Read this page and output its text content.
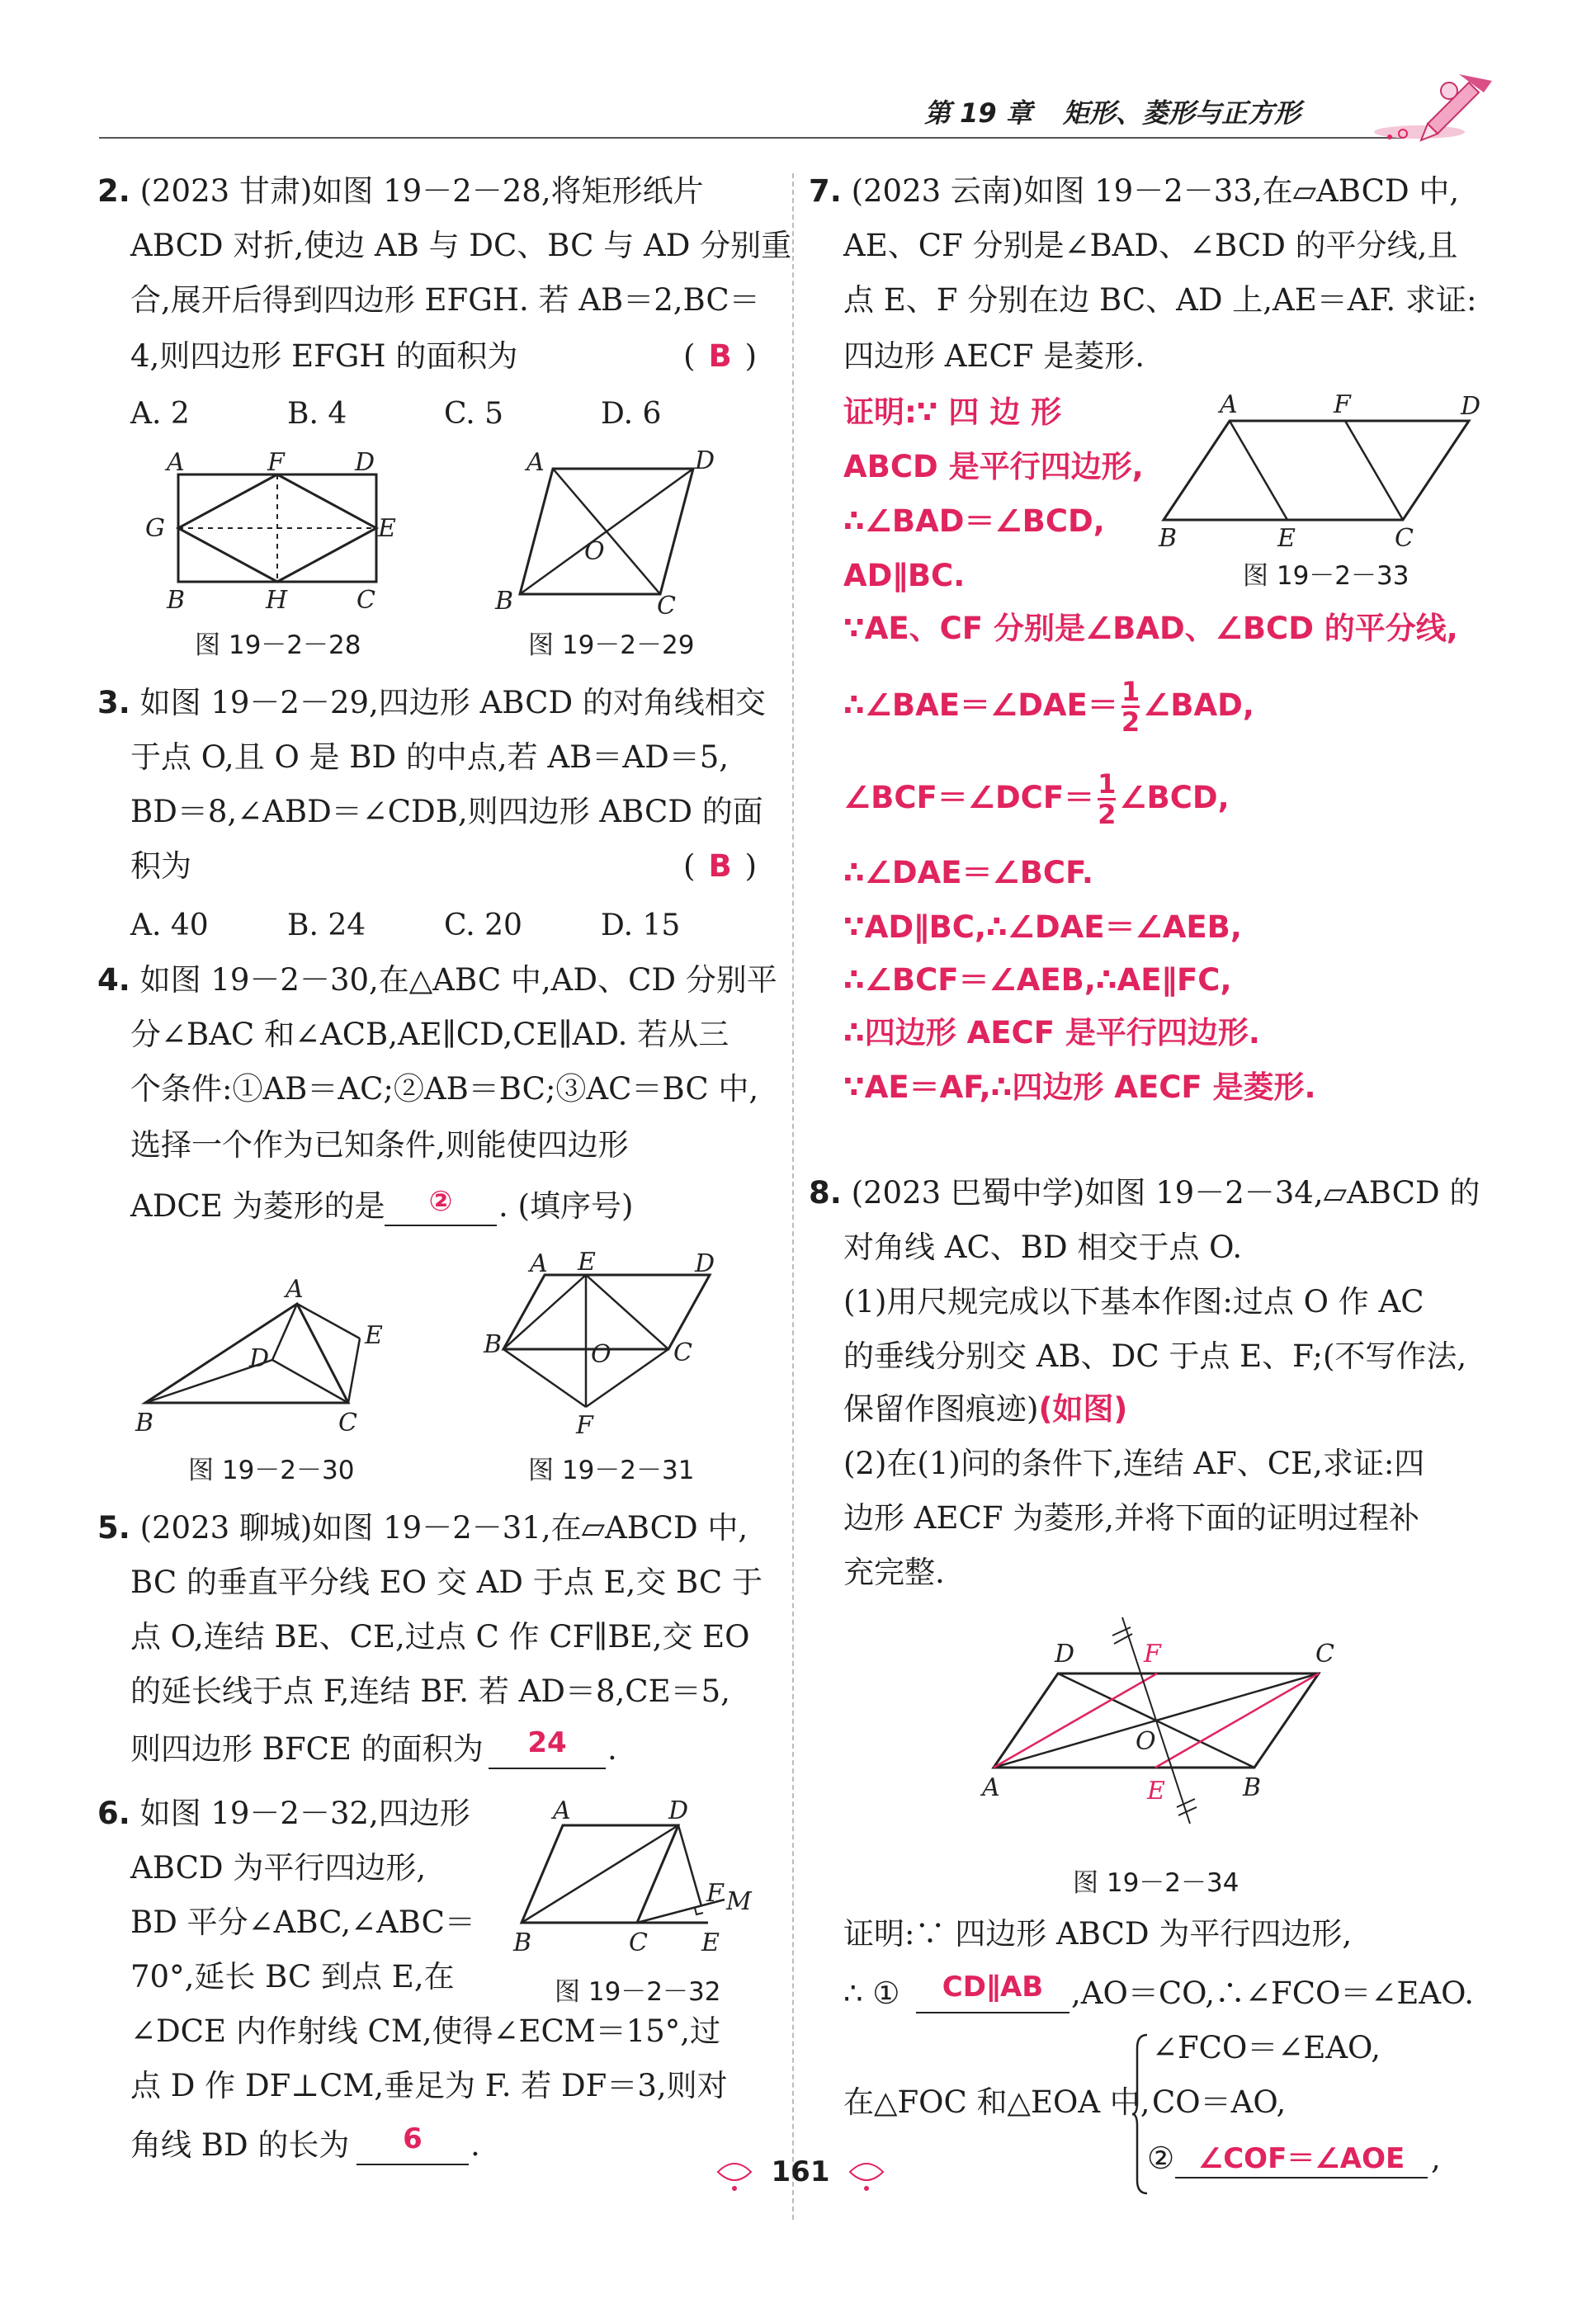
第 19 章 矩形、菱形与正方形
2. (2023 甘肃)如图 19－2－28,将矩形纸片
ABCD 对折,使边 AB 与 DC、BC 与 AD 分别重
合,展开后得到四边形 EFGH. 若 AB＝2,BC＝
4,则四边形 EFGH 的面积为	( B )
A. 2	B. 4	C. 5	D. 6
A	F	D
G	E
B	H	C
图 19－2－28
A	D
O
B	C
图 19－2－29
3. 如图 19－2－29,四边形 ABCD 的对角线相交
于点 O,且 O 是 BD 的中点,若 AB＝AD＝5,
BD＝8,∠ABD＝∠CDB,则四边形 ABCD 的面
积为	( B )
A. 40	B. 24	C. 20	D. 15
4. 如图 19－2－30,在△ABC 中,AD、CD 分别平
分∠BAC 和∠ACB,AE∥CD,CE∥AD. 若从三
个条件:①AB＝AC;②AB＝BC;③AC＝BC 中,
选择一个作为已知条件,则能使四边形
ADCE 为菱形的是	②	. (填序号)
A
D
E
B	C
图 19－2－30
A E	D
B	O	C
F
图 19－2－31
5. (2023 聊城)如图 19－2－31,在▱ABCD 中,
BC 的垂直平分线 EO 交 AD 于点 E,交 BC 于
点 O,连结 BE、CE,过点 C 作 CF∥BE,交 EO
的延长线于点 F,连结 BF. 若 AD＝8,CE＝5,
则四边形 BFCE 的面积为	24	.
6. 如图 19－2－32,四边形
ABCD 为平行四边形,
BD 平分∠ABC,∠ABC＝
70°,延长 BC 到点 E,在
∠DCE 内作射线 CM,使得∠ECM＝15°,过
点 D 作 DF⊥CM,垂足为 F. 若 DF＝3,则对
角线 BD 的长为	6	.
A	D
F M
B	C E
图 19－2－32
7. (2023 云南)如图 19－2－33,在▱ABCD 中,
AE、CF 分别是∠BAD、∠BCD 的平分线,且
点 E、F 分别在边 BC、AD 上,AE＝AF. 求证:
四边形 AECF 是菱形.
证明:∵ 四 边 形
ABCD 是平行四边形,
∴∠BAD＝∠BCD,
AD∥BC.
∵AE、CF 分别是∠BAD、∠BCD 的平分线,
∴∠BAE＝∠DAE＝ $\frac{1}{2}$ ∠BAD,
∠BCF＝∠DCF＝ $\frac{1}{2}$ ∠BCD,
∴∠DAE＝∠BCF.
∵AD∥BC,∴∠DAE＝∠AEB,
∴∠BCF＝∠AEB,∴AE∥FC,
∴四边形 AECF 是平行四边形.
∵AE＝AF,∴四边形 AECF 是菱形.
A	F	D
B	E	C
图 19－2－33
8. (2023 巴蜀中学)如图 19－2－34,▱ABCD 的
对角线 AC、BD 相交于点 O.
(1)用尺规完成以下基本作图:过点 O 作 AC
的垂线分别交 AB、DC 于点 E、F;(不写作法,
保留作图痕迹)(如图)
(2)在(1)问的条件下,连结 AF、CE,求证:四
边形 AECF 为菱形,并将下面的证明过程补
充完整.
D	F	C
O
A	E	B
图 19－2－34
证明:∵ 四边形 ABCD 为平行四边形,
∴ ①	CD∥AB ,AO＝CO,∴∠FCO＝∠EAO.
在△FOC 和△EOA 中,
∠FCO＝∠EAO,
CO＝AO,
② ∠COF＝∠AOE ,
161
